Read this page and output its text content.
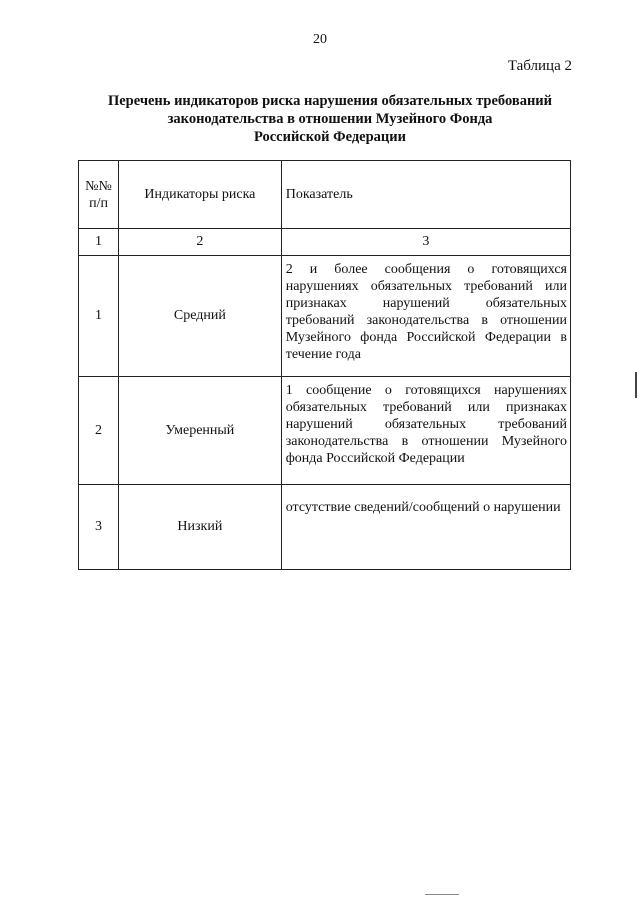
20
Таблица 2
Перечень индикаторов риска нарушения обязательных требований
законодательства в отношении Музейного Фонда
Российской Федерации
№№
п/п	Индикаторы риска	Показатель
1	2	3
1	Средний	2 и более сообщения о готовящихся нарушениях обязательных требований или признаках нарушений обязательных требований законодательства в отношении Музейного фонда Российской Федерации в течение года
2	Умеренный	1 сообщение о готовящихся нарушениях обязательных требований или признаках нарушений обязательных требований законодательства в отношении Музейного фонда Российской Федерации
3	Низкий	отсутствие сведений/сообщений о нарушении
